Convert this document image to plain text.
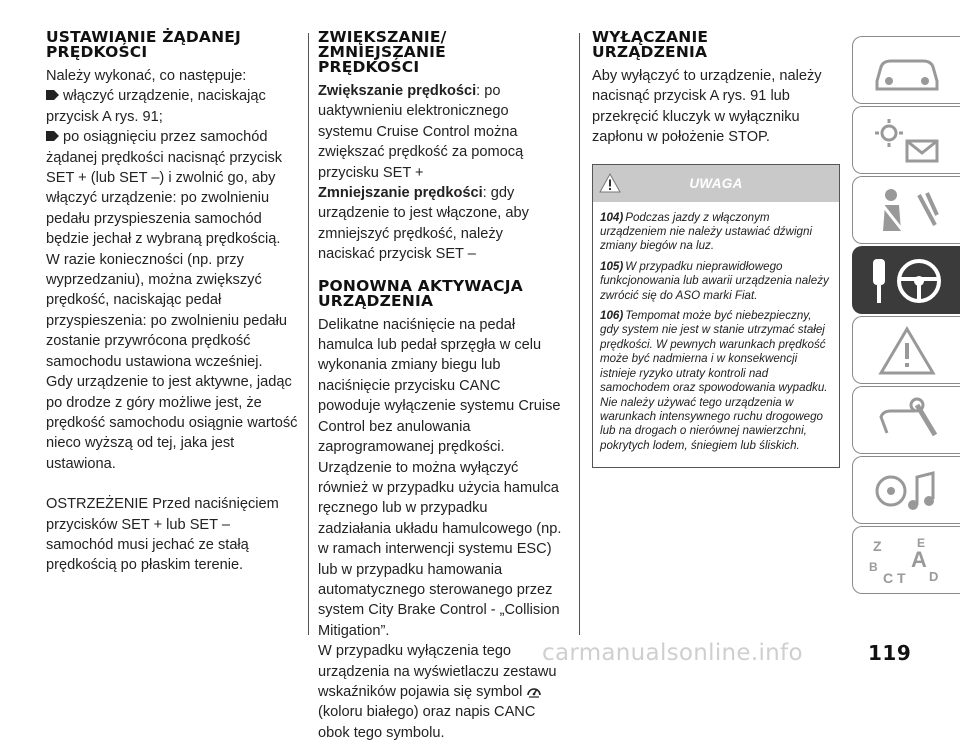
USTAWIANIE ŻĄDANEJ
PRĘDKOŚCI
Należy wykonać, co następuje:
włączyć urządzenie, naciskając przycisk A rys. 91;
po osiągnięciu przez samochód żądanej prędkości nacisnąć przycisk SET + (lub SET –) i zwolnić go, aby włączyć urządzenie: po zwolnieniu pedału przyspieszenia samochód będzie jechał z wybraną prędkością.
W razie konieczności (np. przy wyprzedzaniu), można zwiększyć prędkość, naciskając pedał przyspieszenia: po zwolnieniu pedału zostanie przywrócona prędkość samochodu ustawiona wcześniej.
Gdy urządzenie to jest aktywne, jadąc po drodze z góry możliwe jest, że prędkość samochodu osiągnie wartość nieco wyższą od tej, jaka jest ustawiona.
OSTRZEŻENIE Przed naciśnięciem przycisków SET + lub SET – samochód musi jechać ze stałą prędkością po płaskim terenie.
ZWIĘKSZANIE/
ZMNIEJSZANIE
PRĘDKOŚCI
Zwiększanie prędkości: po uaktywnieniu elektronicznego systemu Cruise Control można zwiększać prędkość za pomocą przycisku SET +
Zmniejszanie prędkości: gdy urządzenie to jest włączone, aby zmniejszyć prędkość, należy naciskać przycisk SET –
PONOWNA AKTYWACJA
URZĄDZENIA
Delikatne naciśnięcie na pedał hamulca lub pedał sprzęgła w celu wykonania zmiany biegu lub naciśnięcie przycisku CANC powoduje wyłączenie systemu Cruise Control bez anulowania zaprogramowanej prędkości.
Urządzenie to można wyłączyć również w przypadku użycia hamulca ręcznego lub w przypadku zadziałania układu hamulcowego (np. w ramach interwencji systemu ESC) lub w przypadku hamowania automatycznego sterowanego przez system City Brake Control - „Collision Mitigation”.
W przypadku wyłączenia tego urządzenia na wyświetlaczu zestawu wskaźników pojawia się symbol (koloru białego) oraz napis CANC obok tego symbolu.
WYŁĄCZANIE
URZĄDZENIA
Aby wyłączyć to urządzenie, należy nacisnąć przycisk A rys. 91 lub przekręcić kluczyk w wyłączniku zapłonu w położenie STOP.
UWAGA
104) Podczas jazdy z włączonym urządzeniem nie należy ustawiać dźwigni zmiany biegów na luz.
105) W przypadku nieprawidłowego funkcjonowania lub awarii urządzenia należy zwrócić się do ASO marki Fiat.
106) Tempomat może być niebezpieczny, gdy system nie jest w stanie utrzymać stałej prędkości. W pewnych warunkach prędkość może być nadmierna i w konsekwencji istnieje ryzyko utraty kontroli nad samochodem oraz spowodowania wypadku. Nie należy używać tego urządzenia w warunkach intensywnego ruchu drogowego lub na drogach o nierównej nawierzchni, pokrytych lodem, śniegiem lub śliskich.
Z	E
B A
C T D
carmanualsonline.info	119
